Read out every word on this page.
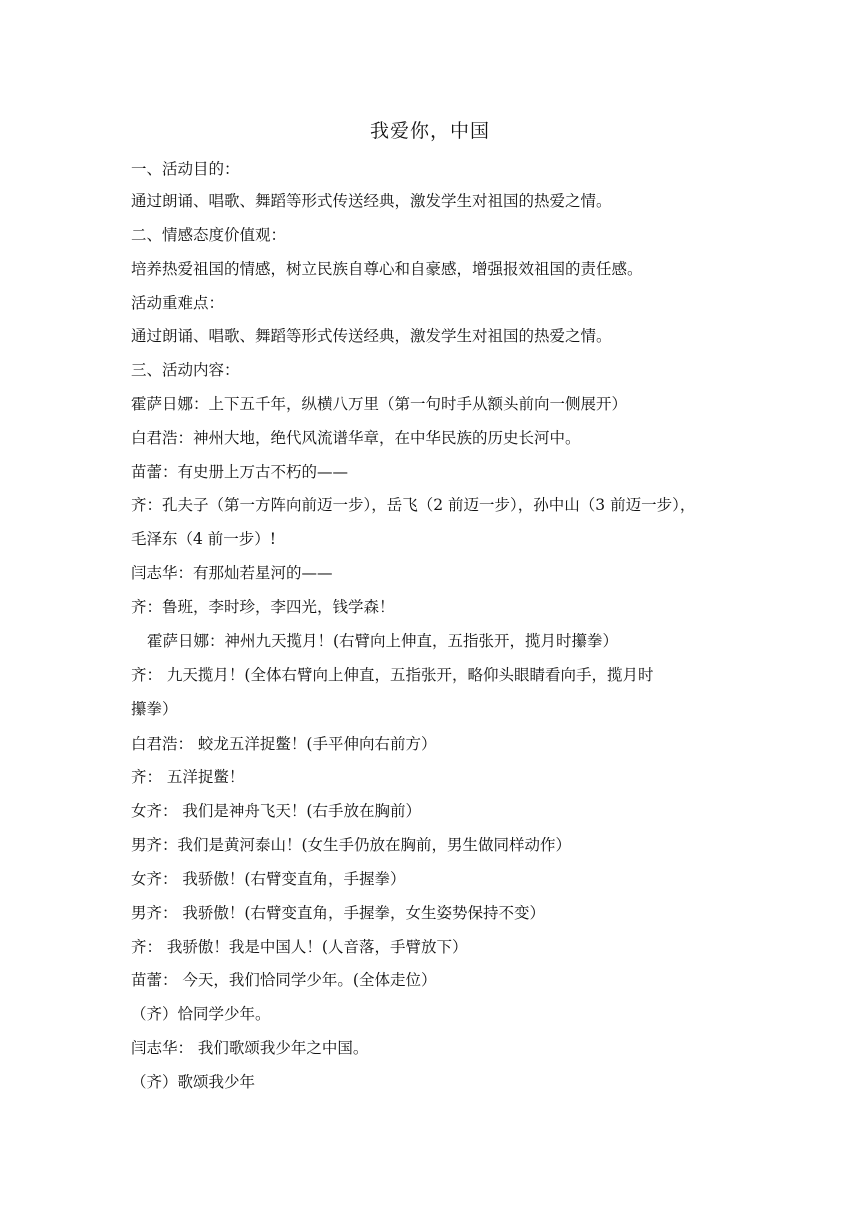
我爱你，中国
一、活动目的：
通过朗诵、唱歌、舞蹈等形式传送经典，激发学生对祖国的热爱之情。
二、情感态度价值观：
培养热爱祖国的情感，树立民族自尊心和自豪感，增强报效祖国的责任感。
活动重难点：
通过朗诵、唱歌、舞蹈等形式传送经典，激发学生对祖国的热爱之情。
三、活动内容：
霍萨日娜：上下五千年，纵横八万里（第一句时手从额头前向一侧展开）
白君浩：神州大地，绝代风流谱华章，在中华民族的历史长河中。
苗蕾：有史册上万古不朽的——
齐：孔夫子（第一方阵向前迈一步），岳飞（2 前迈一步），孙中山（3 前迈一步），
毛泽东（4 前一步）!
闫志华：有那灿若星河的——
齐：鲁班，李时珍，李四光，钱学森！
霍萨日娜：神州九天揽月！(右臂向上伸直，五指张开，揽月时攥拳）
齐： 九天揽月！(全体右臂向上伸直，五指张开，略仰头眼睛看向手，揽月时
攥拳）
白君浩： 蛟龙五洋捉鳖！(手平伸向右前方）
齐： 五洋捉鳖！
女齐： 我们是神舟飞天！(右手放在胸前）
男齐：我们是黄河泰山！(女生手仍放在胸前，男生做同样动作）
女齐： 我骄傲！(右臂变直角，手握拳）
男齐： 我骄傲！(右臂变直角，手握拳，女生姿势保持不变）
齐： 我骄傲！我是中国人！(人音落，手臂放下）
苗蕾： 今天，我们恰同学少年。(全体走位）
（齐）恰同学少年。
闫志华： 我们歌颂我少年之中国。
（齐）歌颂我少年
